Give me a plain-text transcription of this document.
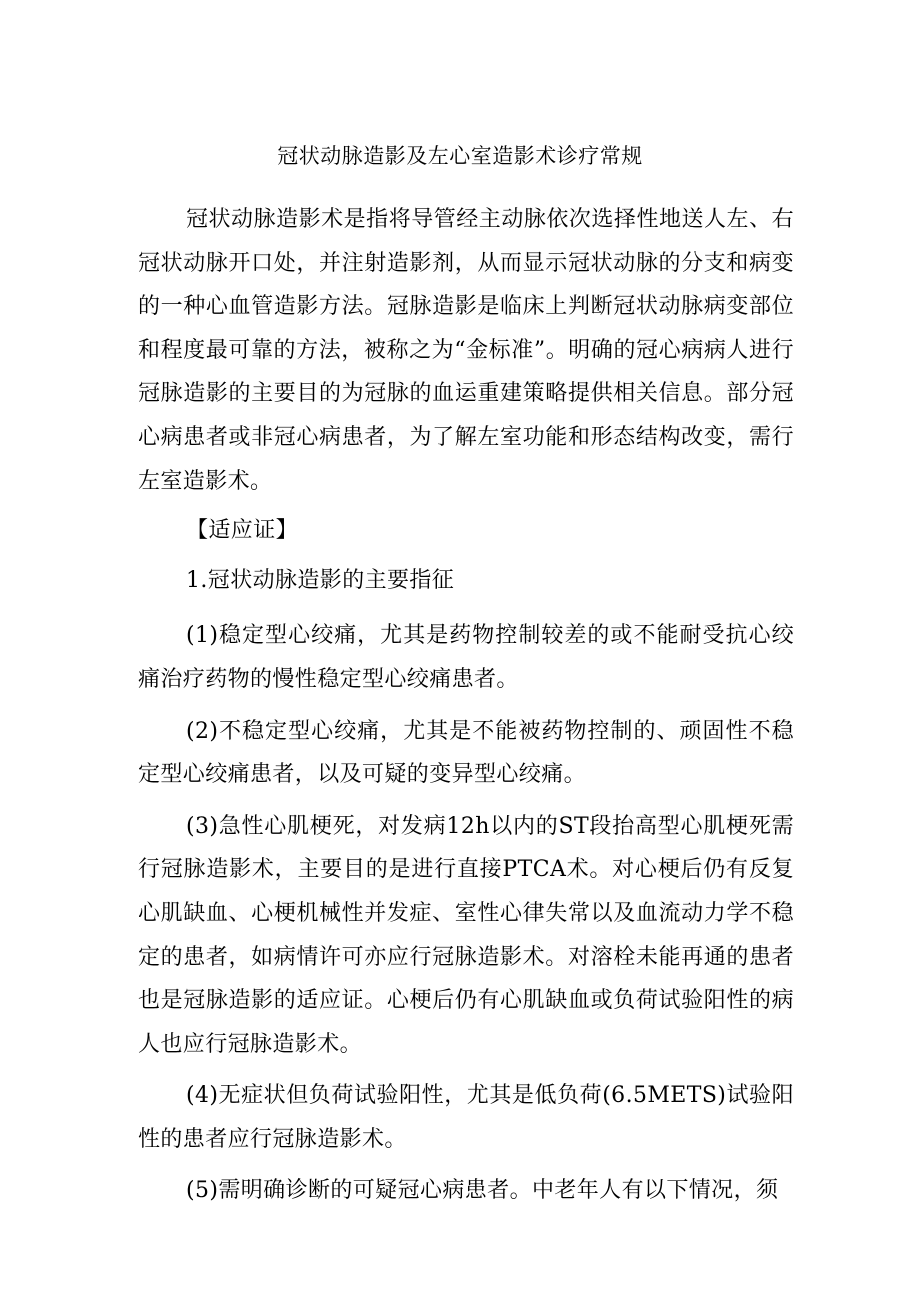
冠状动脉造影及左心室造影术诊疗常规

冠状动脉造影术是指将导管经主动脉依次选择性地送人左、右冠状动脉开口处，并注射造影剂，从而显示冠状动脉的分支和病变的一种心血管造影方法。冠脉造影是临床上判断冠状动脉病变部位和程度最可靠的方法，被称之为“金标准”。明确的冠心病病人进行冠脉造影的主要目的为冠脉的血运重建策略提供相关信息。部分冠心病患者或非冠心病患者，为了解左室功能和形态结构改变，需行左室造影术。

【适应证】

1.冠状动脉造影的主要指征

(1)稳定型心绞痛，尤其是药物控制较差的或不能耐受抗心绞痛治疗药物的慢性稳定型心绞痛患者。

(2)不稳定型心绞痛，尤其是不能被药物控制的、顽固性不稳定型心绞痛患者，以及可疑的变异型心绞痛。

(3)急性心肌梗死，对发病12h以内的ST段抬高型心肌梗死需行冠脉造影术，主要目的是进行直接PTCA术。对心梗后仍有反复心肌缺血、心梗机械性并发症、室性心律失常以及血流动力学不稳定的患者，如病情许可亦应行冠脉造影术。对溶栓未能再通的患者也是冠脉造影的适应证。心梗后仍有心肌缺血或负荷试验阳性的病人也应行冠脉造影术。

(4)无症状但负荷试验阳性，尤其是低负荷(6.5METS)试验阳性的患者应行冠脉造影术。

(5)需明确诊断的可疑冠心病患者。中老年人有以下情况，须
